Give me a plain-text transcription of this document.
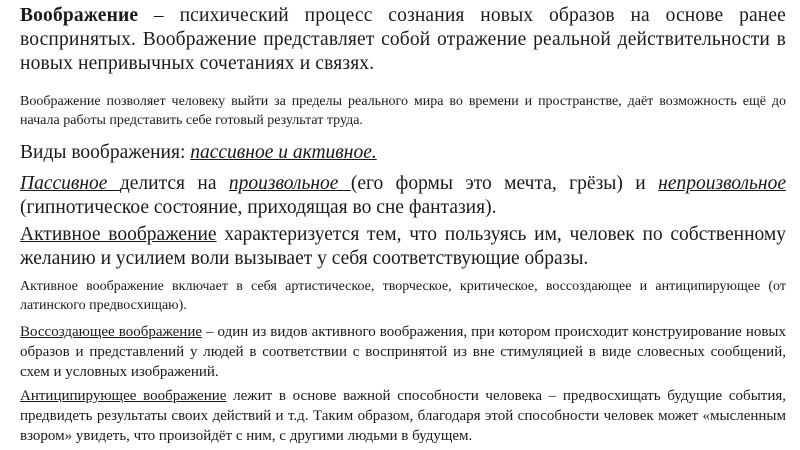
Воображение – психический процесс сознания новых образов на основе ранее воспринятых. Воображение представляет собой отражение реальной действительности в новых непривычных сочетаниях и связях.

Воображение позволяет человеку выйти за пределы реального мира во времени и пространстве, даёт возможность ещё до начала работы представить себе готовый результат труда.

Виды воображения: пассивное и активное.

Пассивное делится на произвольное (его формы это мечта, грёзы) и непроизвольное (гипнотическое состояние, приходящая во сне фантазия).

Активное воображение характеризуется тем, что пользуясь им, человек по собственному желанию и усилием воли вызывает у себя соответствующие образы.

Активное воображение включает в себя артистическое, творческое, критическое, воссоздающее и антиципирующее (от латинского предвосхищаю).

Воссоздающее воображение – один из видов активного воображения, при котором происходит конструирование новых образов и представлений у людей в соответствии с воспринятой из вне стимуляцией в виде словесных сообщений, схем и условных изображений.

Антиципирующее воображение лежит в основе важной способности человека – предвосхищать будущие события, предвидеть результаты своих действий и т.д. Таким образом, благодаря этой способности человек может «мысленным взором» увидеть, что произойдёт с ним, с другими людьми в будущем.
